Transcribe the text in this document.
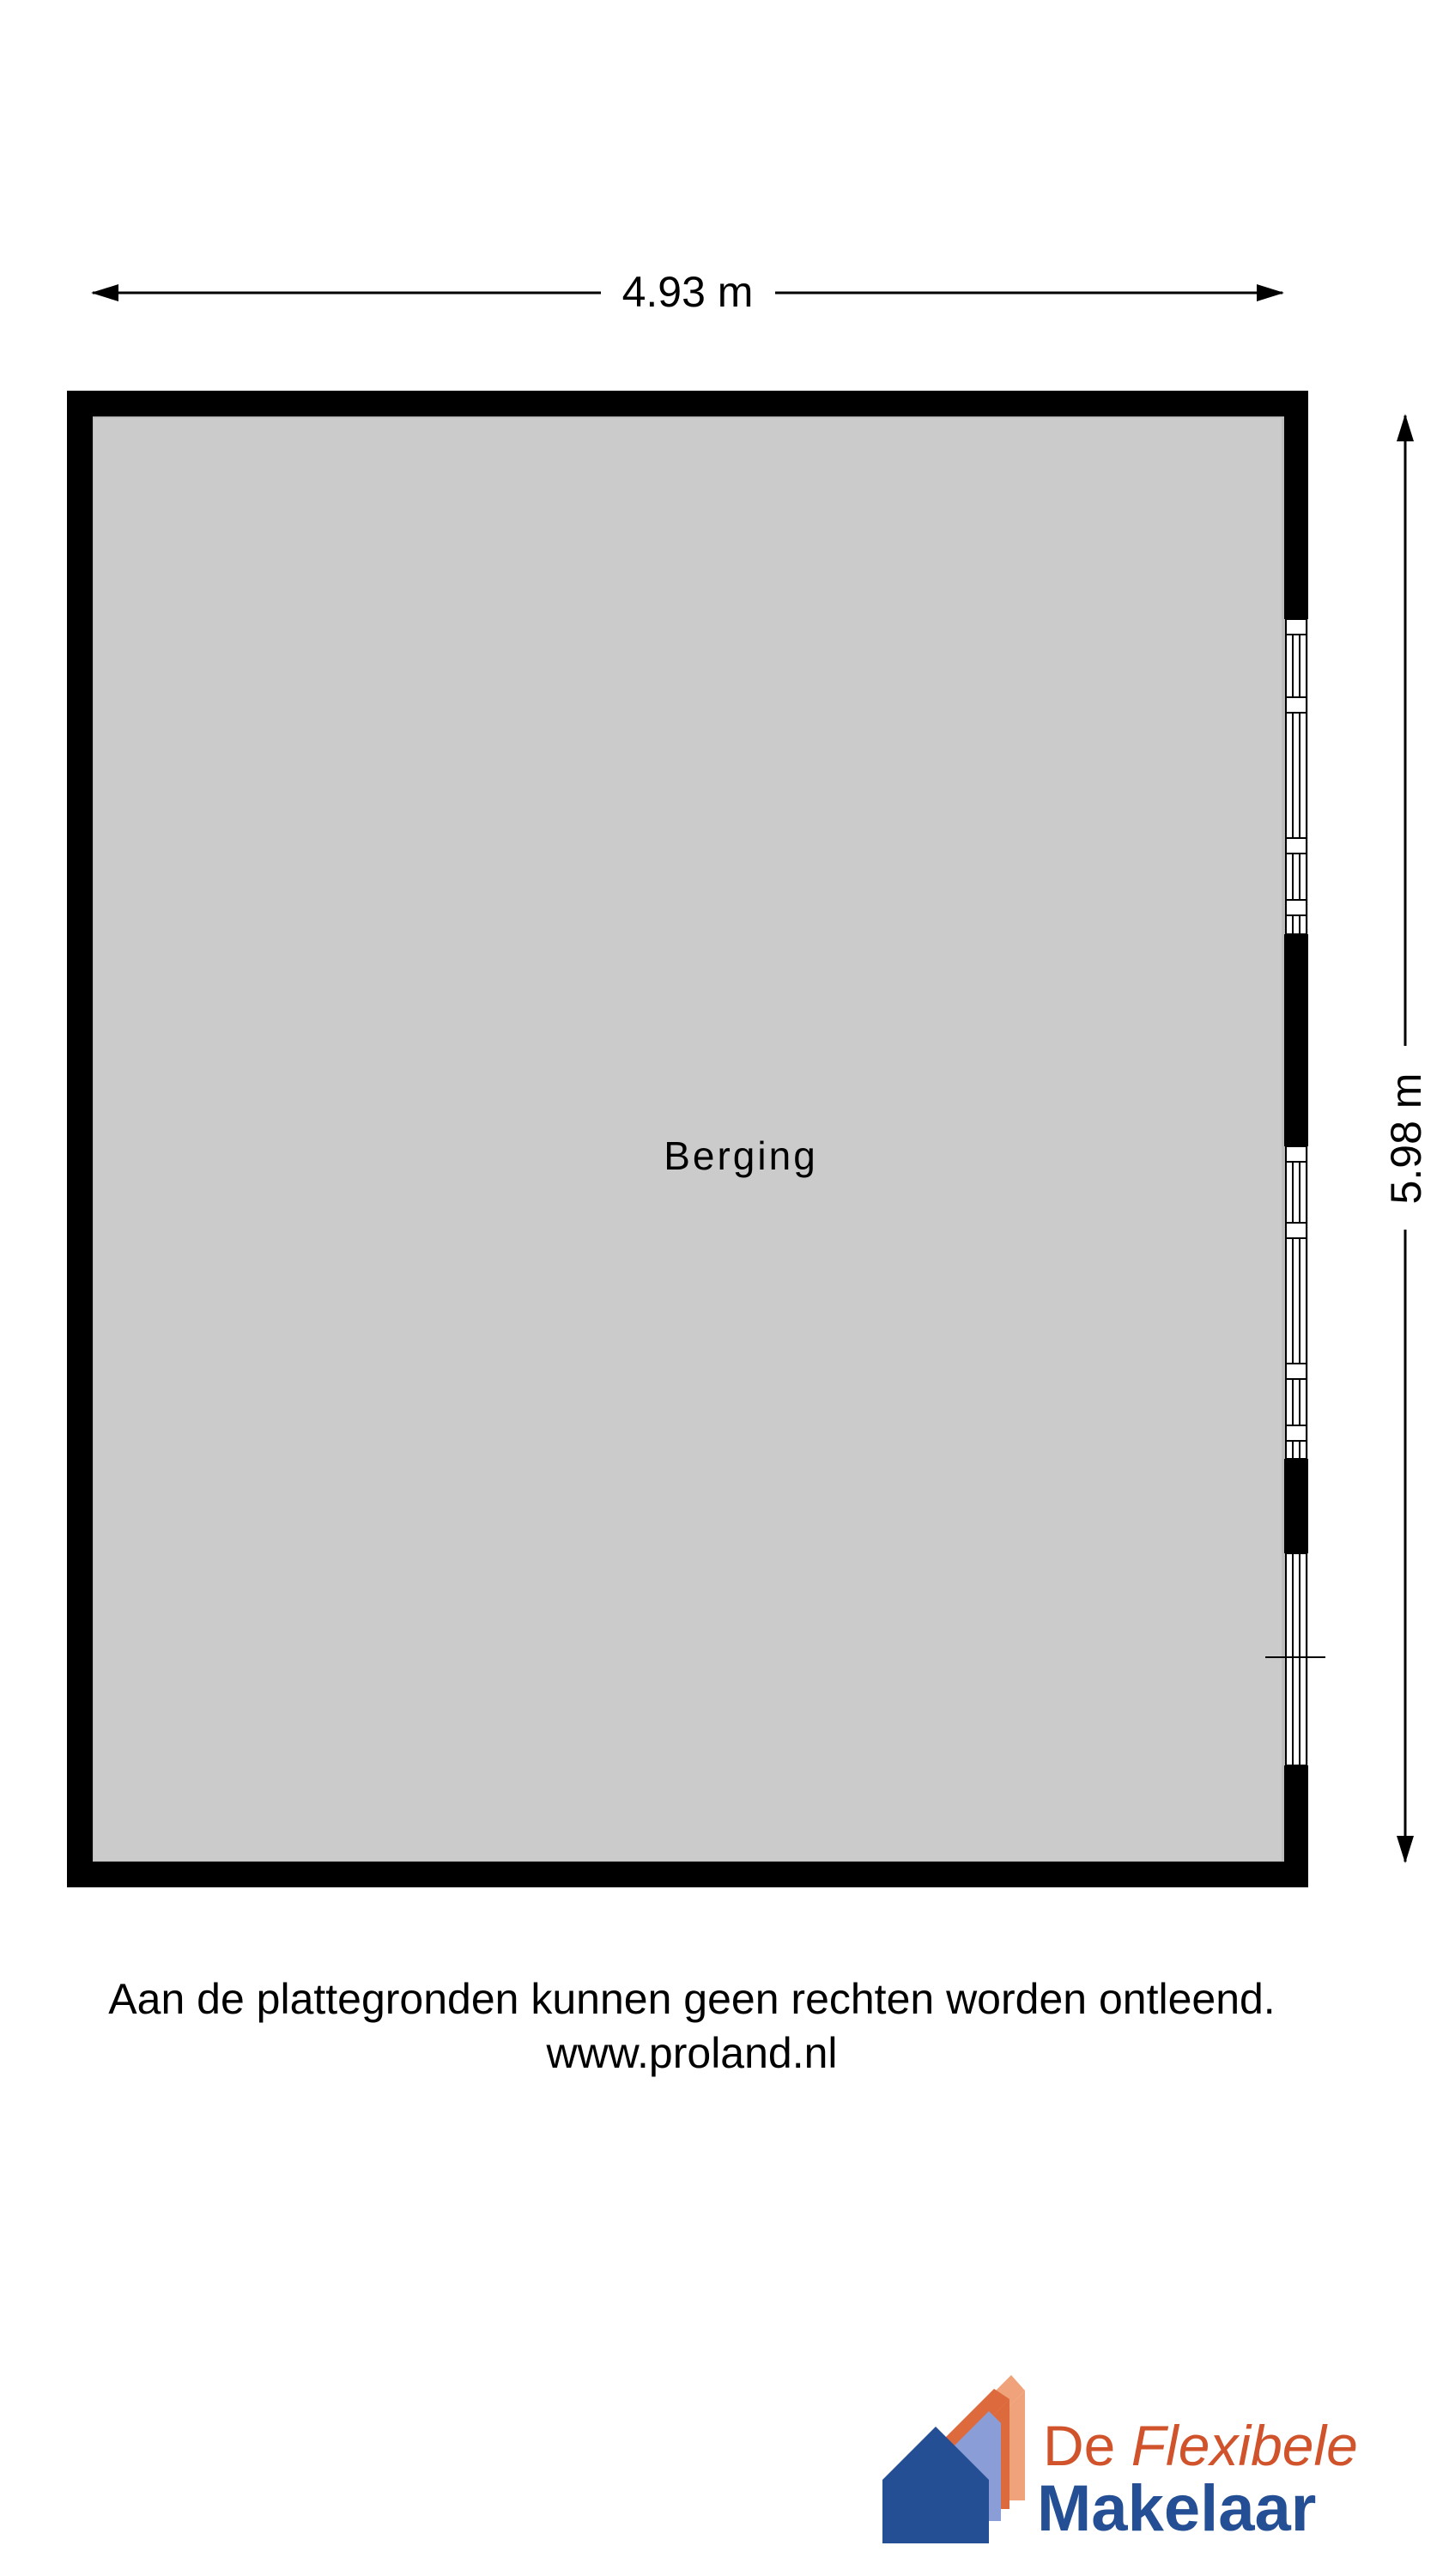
4.93 m
5.98 m
Berging
Aan de plattegronden kunnen geen rechten worden ontleend.
www.proland.nl
De Flexibele
Makelaar
